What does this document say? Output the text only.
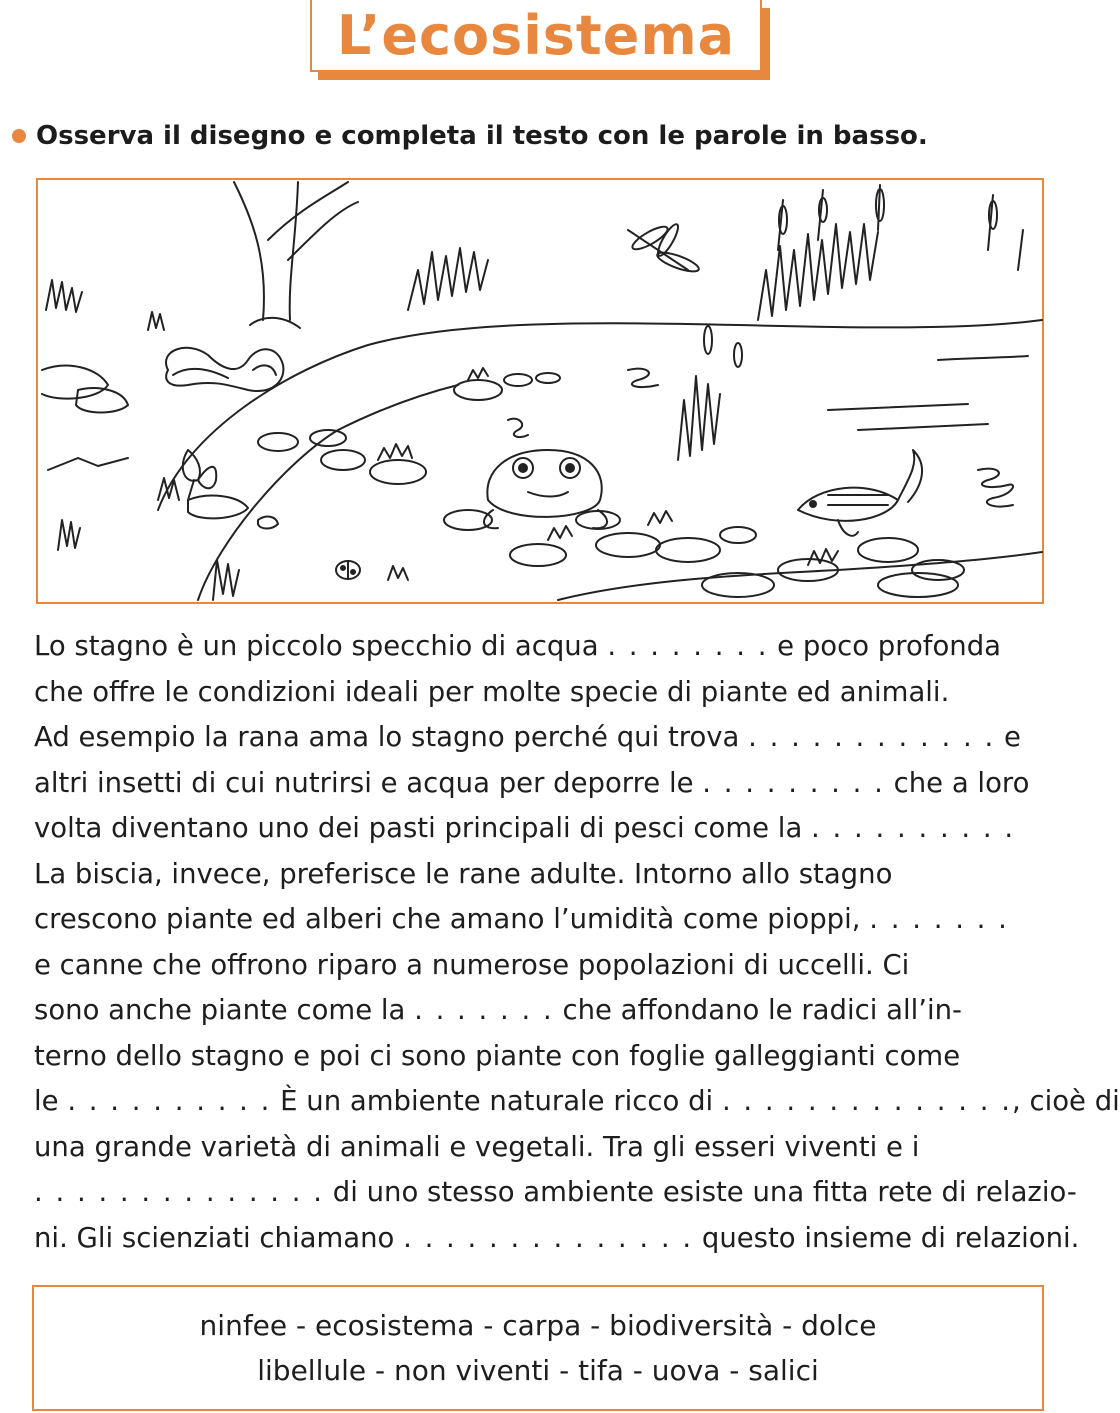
L’ecosistema
Osserva il disegno e completa il testo con le parole in basso.
Lo stagno è un piccolo specchio di acqua . . . . . . . . e poco profonda
che offre le condizioni ideali per molte specie di piante ed animali.
Ad esempio la rana ama lo stagno perché qui trova . . . . . . . . . . . . e
altri insetti di cui nutrirsi e acqua per deporre le . . . . . . . . . che a loro
volta diventano uno dei pasti principali di pesci come la . . . . . . . . . .
La biscia, invece, preferisce le rane adulte. Intorno allo stagno
crescono piante ed alberi che amano l’umidità come pioppi, . . . . . . .
e canne che offrono riparo a numerose popolazioni di uccelli. Ci
sono anche piante come la . . . . . . . che affondano le radici all’in-
terno dello stagno e poi ci sono piante con foglie galleggianti come
le . . . . . . . . . . È un ambiente naturale ricco di . . . . . . . . . . . . . ., cioè di
una grande varietà di animali e vegetali. Tra gli esseri viventi e i
. . . . . . . . . . . . . . di uno stesso ambiente esiste una fitta rete di relazio-
ni. Gli scienziati chiamano . . . . . . . . . . . . . . questo insieme di relazioni.
ninfee - ecosistema - carpa - biodiversità - dolce
libellule - non viventi - tifa - uova - salici
